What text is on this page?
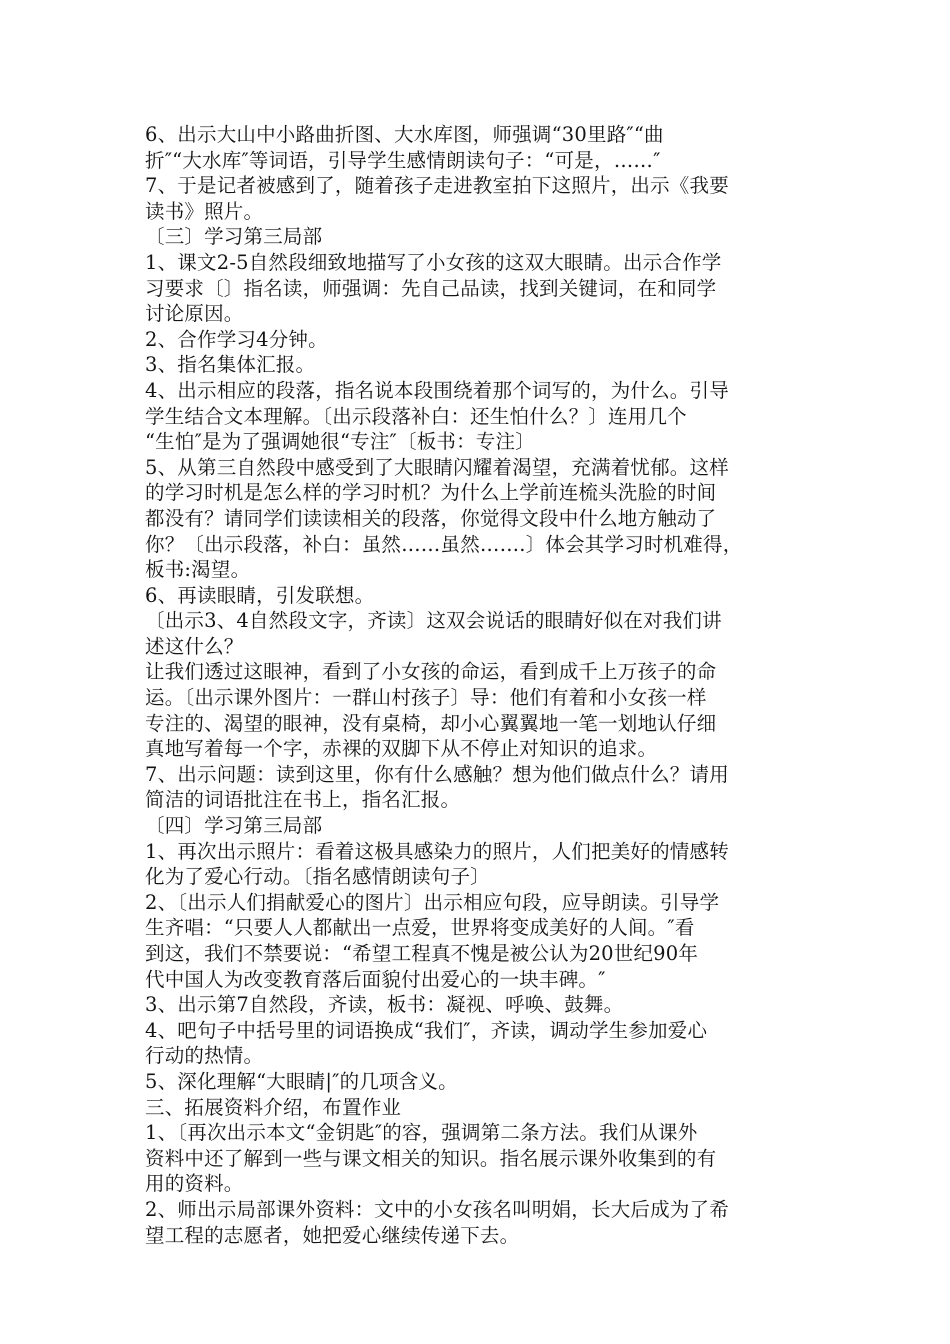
6、出示大山中小路曲折图、大水库图，师强调“30里路″“曲
折″“大水库″等词语，引导学生感情朗读句子：“可是，……″
7、于是记者被感到了，随着孩子走进教室拍下这照片，出示《我要
读书》照片。
〔三〕学习第三局部
1、课文2-5自然段细致地描写了小女孩的这双大眼睛。出示合作学
习要求〔〕指名读，师强调：先自己品读，找到关键词，在和同学
讨论原因。
2、合作学习4分钟。
3、指名集体汇报。
4、出示相应的段落，指名说本段围绕着那个词写的，为什么。引导
学生结合文本理解。〔出示段落补白：还生怕什么？〕连用几个
“生怕″是为了强调她很“专注″〔板书：专注〕
5、从第三自然段中感受到了大眼睛闪耀着渴望，充满着忧郁。这样
的学习时机是怎么样的学习时机？为什么上学前连梳头洗脸的时间
都没有？请同学们读读相关的段落，你觉得文段中什么地方触动了
你？〔出示段落，补白：虽然……虽然…….〕体会其学习时机难得，
板书:渴望。
6、再读眼睛，引发联想。
〔出示3、4自然段文字，齐读〕这双会说话的眼睛好似在对我们讲
述这什么？
让我们透过这眼神，看到了小女孩的命运，看到成千上万孩子的命
运。〔出示课外图片：一群山村孩子〕导：他们有着和小女孩一样
专注的、渴望的眼神，没有桌椅，却小心翼翼地一笔一划地认仔细
真地写着每一个字，赤裸的双脚下从不停止对知识的追求。
7、出示问题：读到这里，你有什么感触？想为他们做点什么？请用
简洁的词语批注在书上，指名汇报。
〔四〕学习第三局部
1、再次出示照片：看着这极具感染力的照片，人们把美好的情感转
化为了爱心行动。〔指名感情朗读句子〕
2、〔出示人们捐献爱心的图片〕出示相应句段，应导朗读。引导学
生齐唱：“只要人人都献出一点爱，世界将变成美好的人间。″看
到这，我们不禁要说：“希望工程真不愧是被公认为20世纪90年
代中国人为改变教育落后面貌付出爱心的一块丰碑。″
3、出示第7自然段，齐读，板书：凝视、呼唤、鼓舞。
4、吧句子中括号里的词语换成“我们″，齐读，调动学生参加爱心
行动的热情。
5、深化理解“大眼睛|″的几项含义。
三、拓展资料介绍，布置作业
1、〔再次出示本文“金钥匙″的容，强调第二条方法。我们从课外
资料中还了解到一些与课文相关的知识。指名展示课外收集到的有
用的资料。
2、师出示局部课外资料：文中的小女孩名叫明娟，长大后成为了希
望工程的志愿者，她把爱心继续传递下去。
